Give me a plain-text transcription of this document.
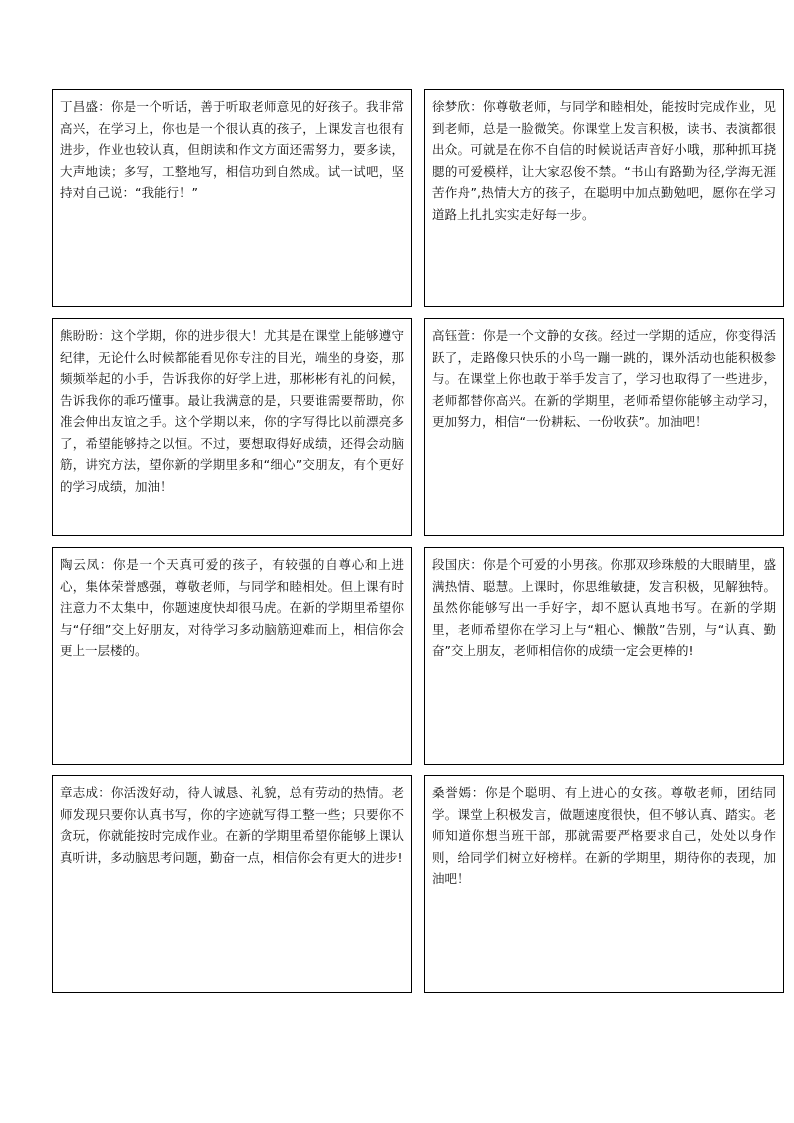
丁昌盛：你是一个听话，善于听取老师意见的好孩子。我非常高兴，在学习上，你也是一个很认真的孩子，上课发言也很有进步，作业也较认真，但朗读和作文方面还需努力，要多读，大声地读；多写，工整地写，相信功到自然成。试一试吧，坚持对自己说：“我能行！”

徐梦欣：你尊敬老师，与同学和睦相处，能按时完成作业，见到老师，总是一脸微笑。你课堂上发言积极，读书、表演都很出众。可就是在你不自信的时候说话声音好小哦，那种抓耳挠腮的可爱模样，让大家忍俊不禁。“书山有路勤为径,学海无涯苦作舟”,热情大方的孩子，在聪明中加点勤勉吧，愿你在学习道路上扎扎实实走好每一步。

熊盼盼：这个学期，你的进步很大！尤其是在课堂上能够遵守纪律，无论什么时候都能看见你专注的目光，端坐的身姿，那频频举起的小手，告诉我你的好学上进，那彬彬有礼的问候，告诉我你的乖巧懂事。最让我满意的是，只要谁需要帮助，你准会伸出友谊之手。这个学期以来，你的字写得比以前漂亮多了，希望能够持之以恒。不过，要想取得好成绩，还得会动脑筋，讲究方法，望你新的学期里多和“细心”交朋友，有个更好的学习成绩，加油！

高钰萱：你是一个文静的女孩。经过一学期的适应，你变得活跃了，走路像只快乐的小鸟一蹦一跳的，课外活动也能积极参与。在课堂上你也敢于举手发言了，学习也取得了一些进步，老师都替你高兴。在新的学期里，老师希望你能够主动学习，更加努力，相信“一份耕耘、一份收获”。加油吧！

陶云凤：你是一个天真可爱的孩子，有较强的自尊心和上进心，集体荣誉感强，尊敬老师，与同学和睦相处。但上课有时注意力不太集中，你题速度快却很马虎。在新的学期里希望你与“仔细”交上好朋友，对待学习多动脑筋迎难而上，相信你会更上一层楼的。

段国庆：你是个可爱的小男孩。你那双珍珠般的大眼睛里，盛满热情、聪慧。上课时，你思维敏捷，发言积极，见解独特。虽然你能够写出一手好字，却不愿认真地书写。在新的学期里，老师希望你在学习上与“粗心、懒散”告别，与“认真、勤奋”交上朋友，老师相信你的成绩一定会更棒的!

章志成：你活泼好动，待人诚恳、礼貌，总有劳动的热情。老师发现只要你认真书写，你的字迹就写得工整一些；只要你不贪玩，你就能按时完成作业。在新的学期里希望你能够上课认真听讲，多动脑思考问题，勤奋一点，相信你会有更大的进步!

桑誉嫣：你是个聪明、有上进心的女孩。尊敬老师，团结同学。课堂上积极发言，做题速度很快，但不够认真、踏实。老师知道你想当班干部，那就需要严格要求自己，处处以身作则，给同学们树立好榜样。在新的学期里，期待你的表现，加油吧！
